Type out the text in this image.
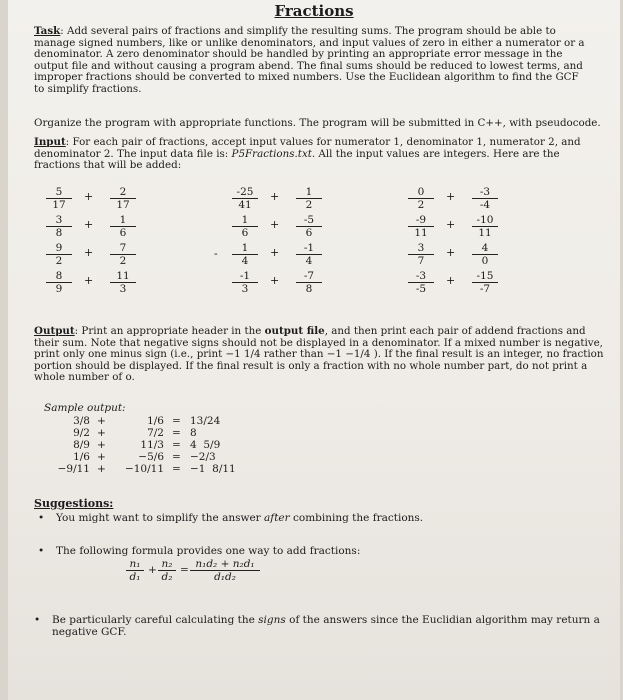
Fractions

Task: Add several pairs of fractions and simplify the resulting sums. The program should be able to manage signed numbers, like or unlike denominators, and input values of zero in either a numerator or a denominator. A zero denominator should be handled by printing an appropriate error message in the output file and without causing a program abend. The final sums should be reduced to lowest terms, and improper fractions should be converted to mixed numbers. Use the Euclidean algorithm to find the GCF to simplify fractions.

Organize the program with appropriate functions. The program will be submitted in C++, with pseudocode.

Input: For each pair of fractions, accept input values for numerator 1, denominator 1, numerator 2, and denominator 2. The input data file is: P5Fractions.txt. All the input values are integers. Here are the fractions that will be added:

$\frac{5}{17} + \frac{2}{17}$
$\frac{3}{8} + \frac{1}{6}$
$\frac{9}{2} + \frac{7}{2}$
$\frac{8}{9} + \frac{11}{3}$
$\frac{-25}{41} + \frac{1}{2}$
$\frac{1}{6} + \frac{-5}{6}$
- $\frac{1}{4} + \frac{-1}{4}$
$\frac{-1}{3} + \frac{-7}{8}$
$\frac{0}{2} + \frac{-3}{-4}$
$\frac{-9}{11} + \frac{-10}{11}$
$\frac{3}{7} + \frac{4}{0}$
$\frac{-3}{-5} + \frac{-15}{-7}$

Output: Print an appropriate header in the output file, and then print each pair of addend fractions and their sum. Note that negative signs should not be displayed in a denominator. If a mixed number is negative, print only one minus sign (i.e., print −1 1/4 rather than −1 −1/4 ). If the final result is an integer, no fraction portion should be displayed. If the final result is only a fraction with no whole number part, do not print a whole number of o.

Sample output:
3/8 +	1/6 = 13/24
9/2 +	7/2 = 8
8/9 +	11/3 = 4  5/9
1/6 +	−5/6 = −2/3
−9/11 +	−10/11 = −1  8/11
Suggestions:
• You might want to simplify the answer after combining the fractions.
• The following formula provides one way to add fractions:
$\frac{\text{n₁}}{\text{d₁}} + \frac{\text{n₂}}{\text{d₂}} = \frac{\text{n₁d₂ + n₂d₁}}{\text{d₁d₂}}$
• Be particularly careful calculating the signs of the answers since the Euclidian algorithm may return a negative GCF.
